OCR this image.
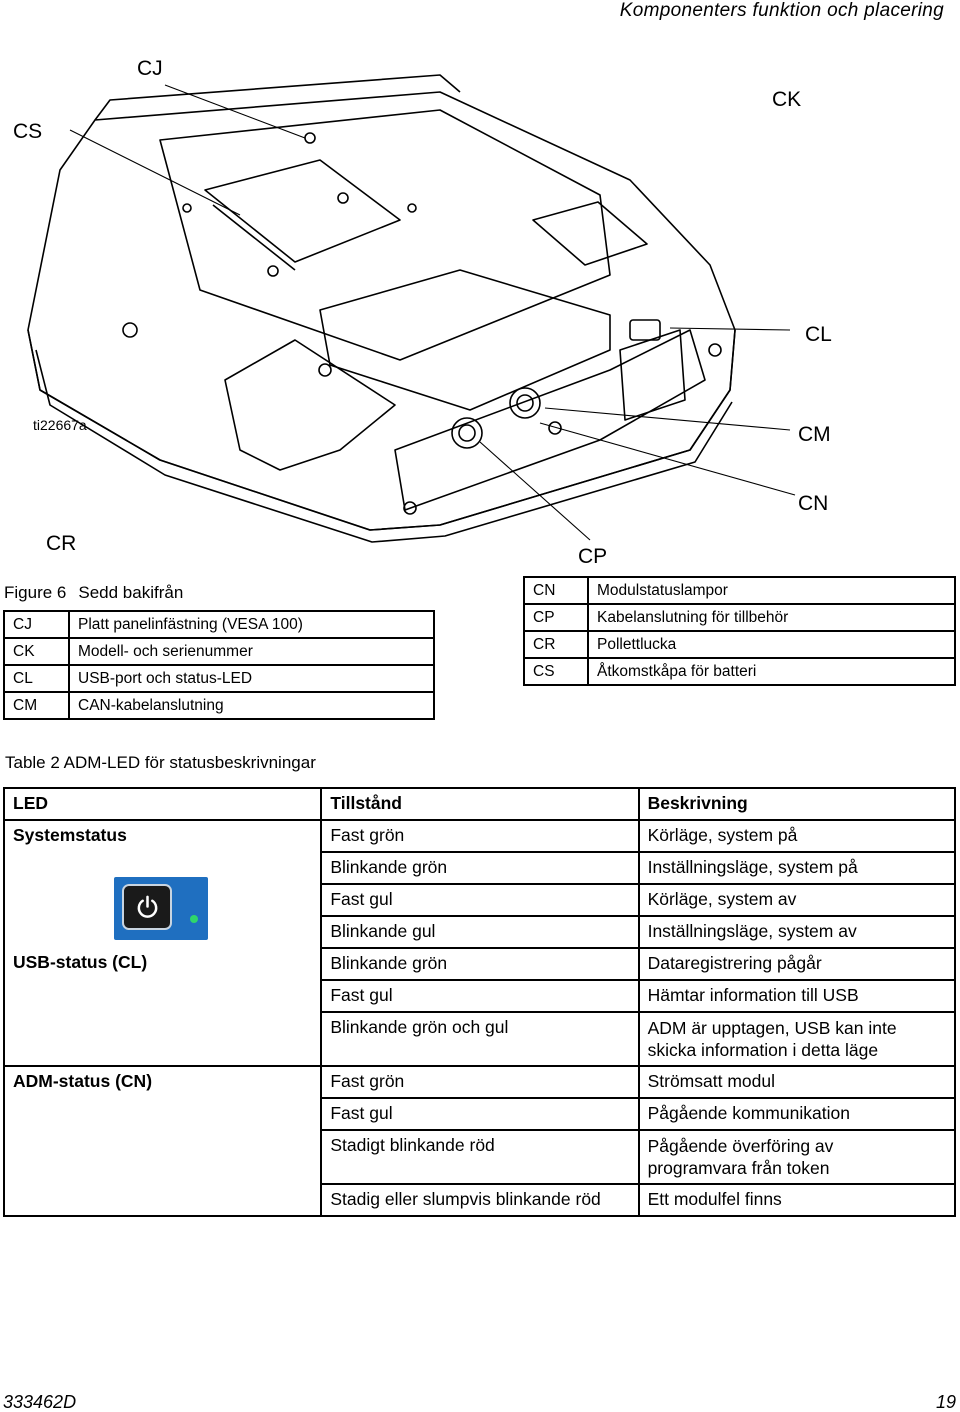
Komponenters funktion och placering
CJ
CS
CK
CL
CM
CN
CR
CP
ti22667a
Figure 6 Sedd bakifrån
CJ	Platt panelinfästning (VESA 100)
CK	Modell- och serienummer
CL	USB-port och status-LED
CM	CAN-kabelanslutning
CN	Modulstatuslampor
CP	Kabelanslutning för tillbehör
CR	Pollettlucka
CS	Åtkomstkåpa för batteri
Table 2 ADM-LED för statusbeskrivningar
LED	Tillstånd	Beskrivning
Systemstatus	Fast grön	Körläge, system på
	Blinkande grön	Inställningsläge, system på
	Fast gul	Körläge, system av
	Blinkande gul	Inställningsläge, system av
USB-status (CL)	Blinkande grön	Dataregistrering pågår
	Fast gul	Hämtar information till USB
	Blinkande grön och gul	ADM är upptagen, USB kan inte
skicka information i detta läge
ADM-status (CN)	Fast grön	Strömsatt modul
	Fast gul	Pågående kommunikation
	Stadigt blinkande röd	Pågående överföring av
programvara från token
	Stadig eller slumpvis blinkande röd	Ett modulfel finns
333462D	19
